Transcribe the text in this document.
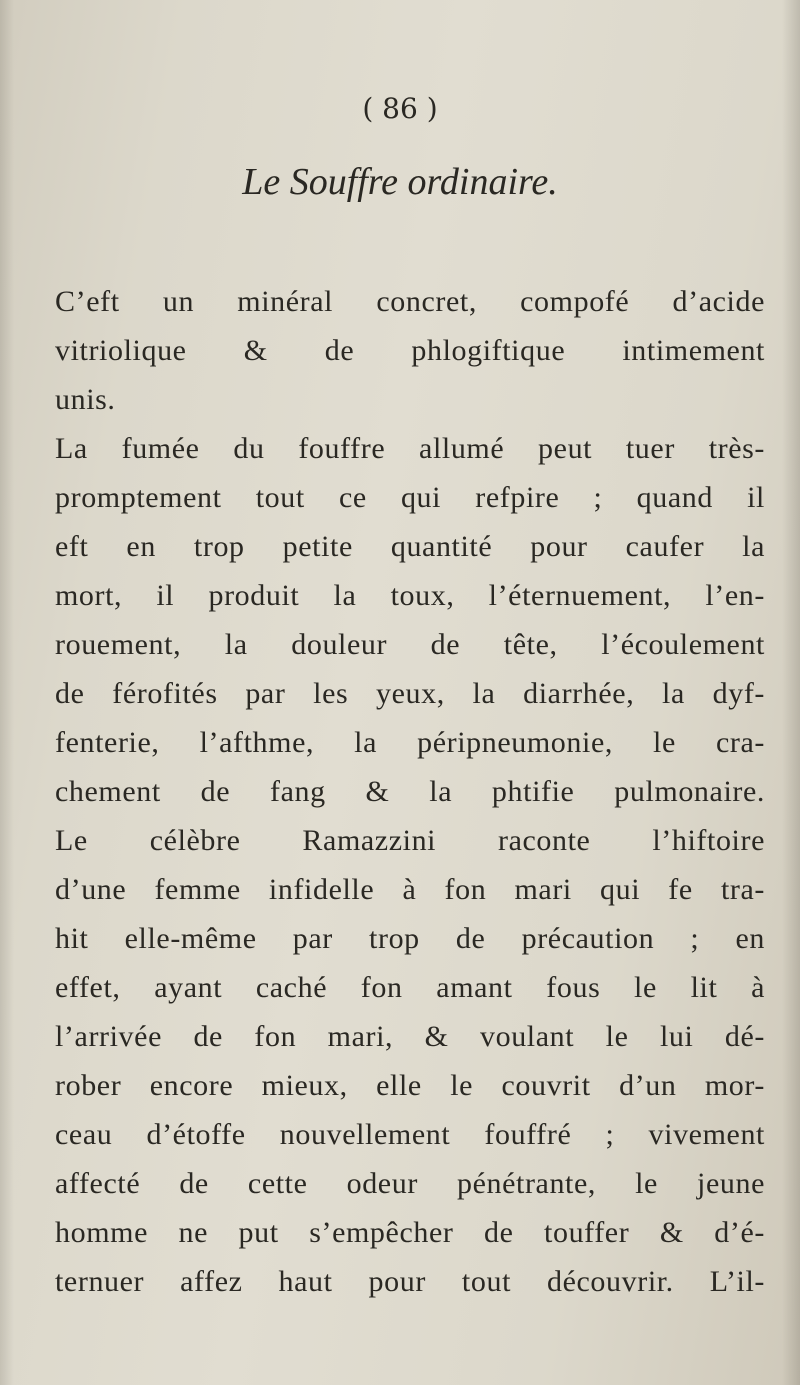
( 86 )
Le Souffre ordinaire.
C’eft un minéral concret, compofé d’acide
vitriolique & de phlogiftique intimement
unis.
La fumée du fouffre allumé peut tuer très-
promptement tout ce qui refpire ; quand il
eft en trop petite quantité pour caufer la
mort, il produit la toux, l’éternuement, l’en-
rouement, la douleur de tête, l’écoulement
de férofités par les yeux, la diarrhée, la dyf-
fenterie, l’afthme, la péripneumonie, le cra-
chement de fang & la phtifie pulmonaire.
Le célèbre Ramazzini raconte l’hiftoire
d’une femme infidelle à fon mari qui fe tra-
hit elle-même par trop de précaution ; en
effet, ayant caché fon amant fous le lit à
l’arrivée de fon mari, & voulant le lui dé-
rober encore mieux, elle le couvrit d’un mor-
ceau d’étoffe nouvellement fouffré ; vivement
affecté de cette odeur pénétrante, le jeune
homme ne put s’empêcher de touffer & d’é-
ternuer affez haut pour tout découvrir. L’il-
